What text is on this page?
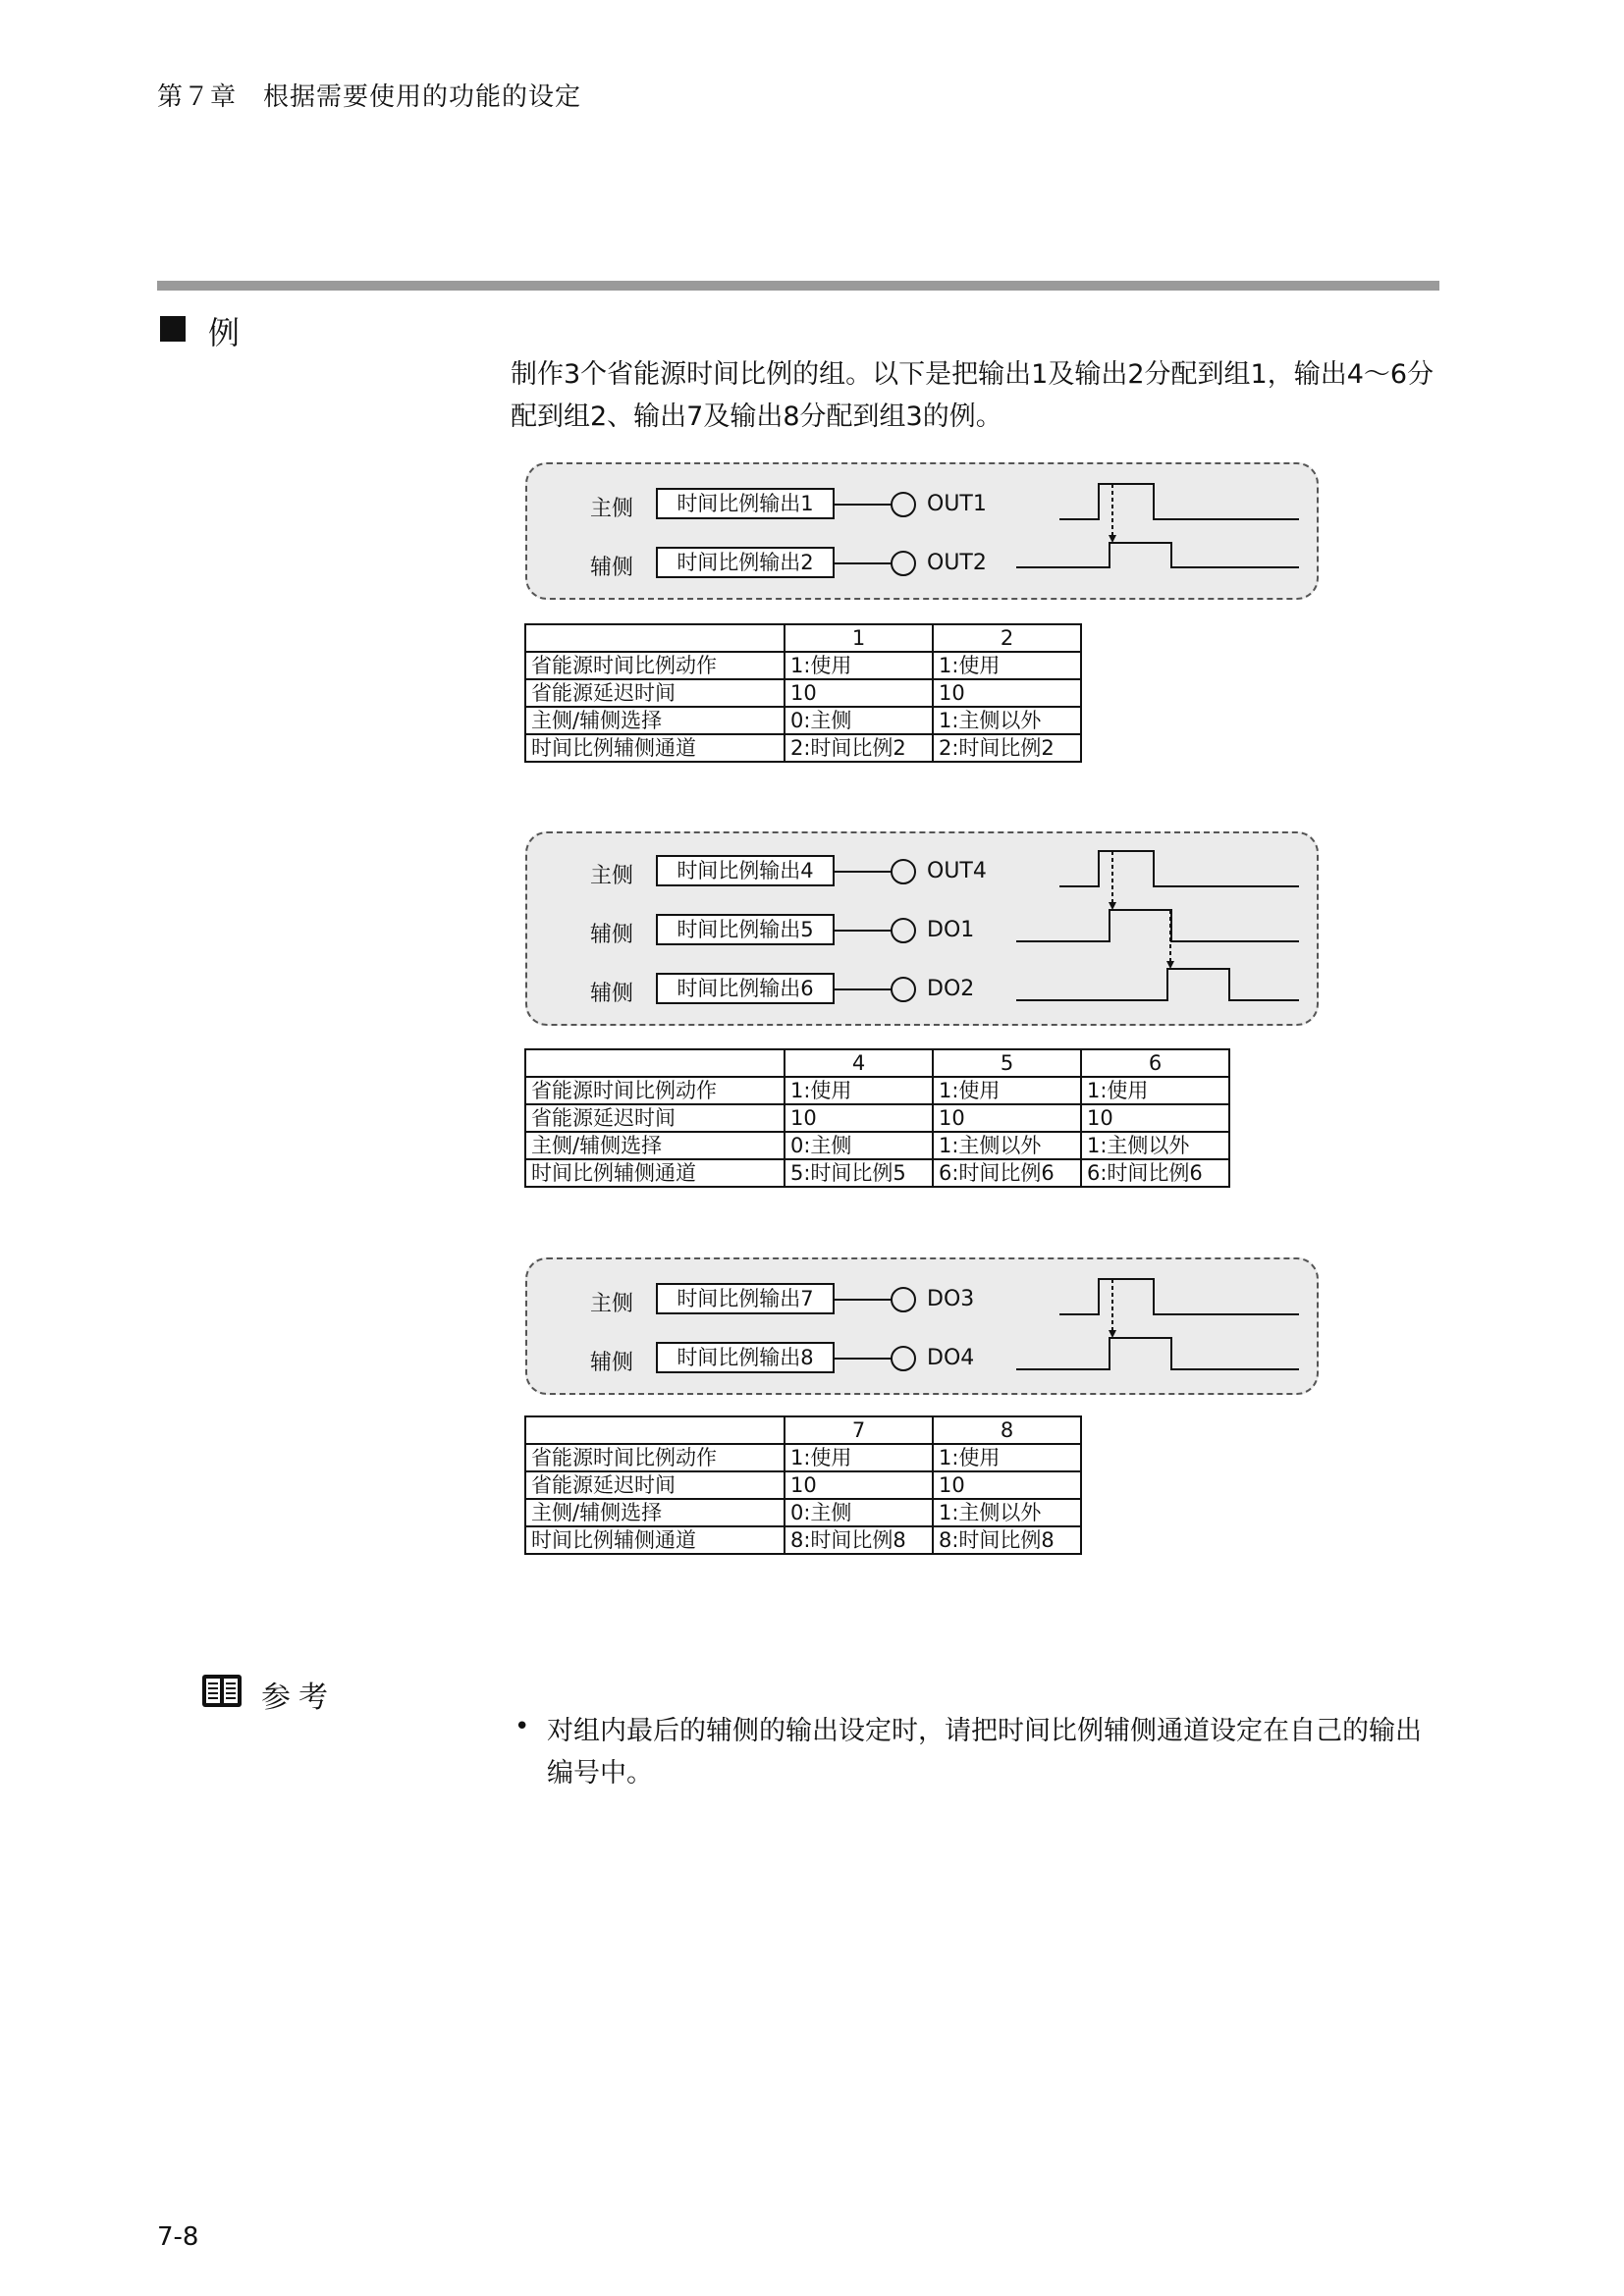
第７章　根据需要使用的功能的设定
例
制作3个省能源时间比例的组。以下是把输出1及输出2分配到组1，输出4～6分配到组2、输出7及输出8分配到组3的例。
主侧	时间比例输出1	OUT1
辅侧	时间比例输出2	OUT2
	1	2
省能源时间比例动作	1:使用	1:使用
省能源延迟时间	10	10
主侧/辅侧选择	0:主侧	1:主侧以外
时间比例辅侧通道	2:时间比例2	2:时间比例2
主侧	时间比例输出4	OUT4
辅侧	时间比例输出5	DO1
辅侧	时间比例输出6	DO2
	4	5	6
省能源时间比例动作	1:使用	1:使用	1:使用
省能源延迟时间	10	10	10
主侧/辅侧选择	0:主侧	1:主侧以外	1:主侧以外
时间比例辅侧通道	5:时间比例5	6:时间比例6	6:时间比例6
主侧	时间比例输出7	DO3
辅侧	时间比例输出8	DO4
	7	8
省能源时间比例动作	1:使用	1:使用
省能源延迟时间	10	10
主侧/辅侧选择	0:主侧	1:主侧以外
时间比例辅侧通道	8:时间比例8	8:时间比例8
参考
• 对组内最后的辅侧的输出设定时，请把时间比例辅侧通道设定在自己的输出编号中。
7-8
